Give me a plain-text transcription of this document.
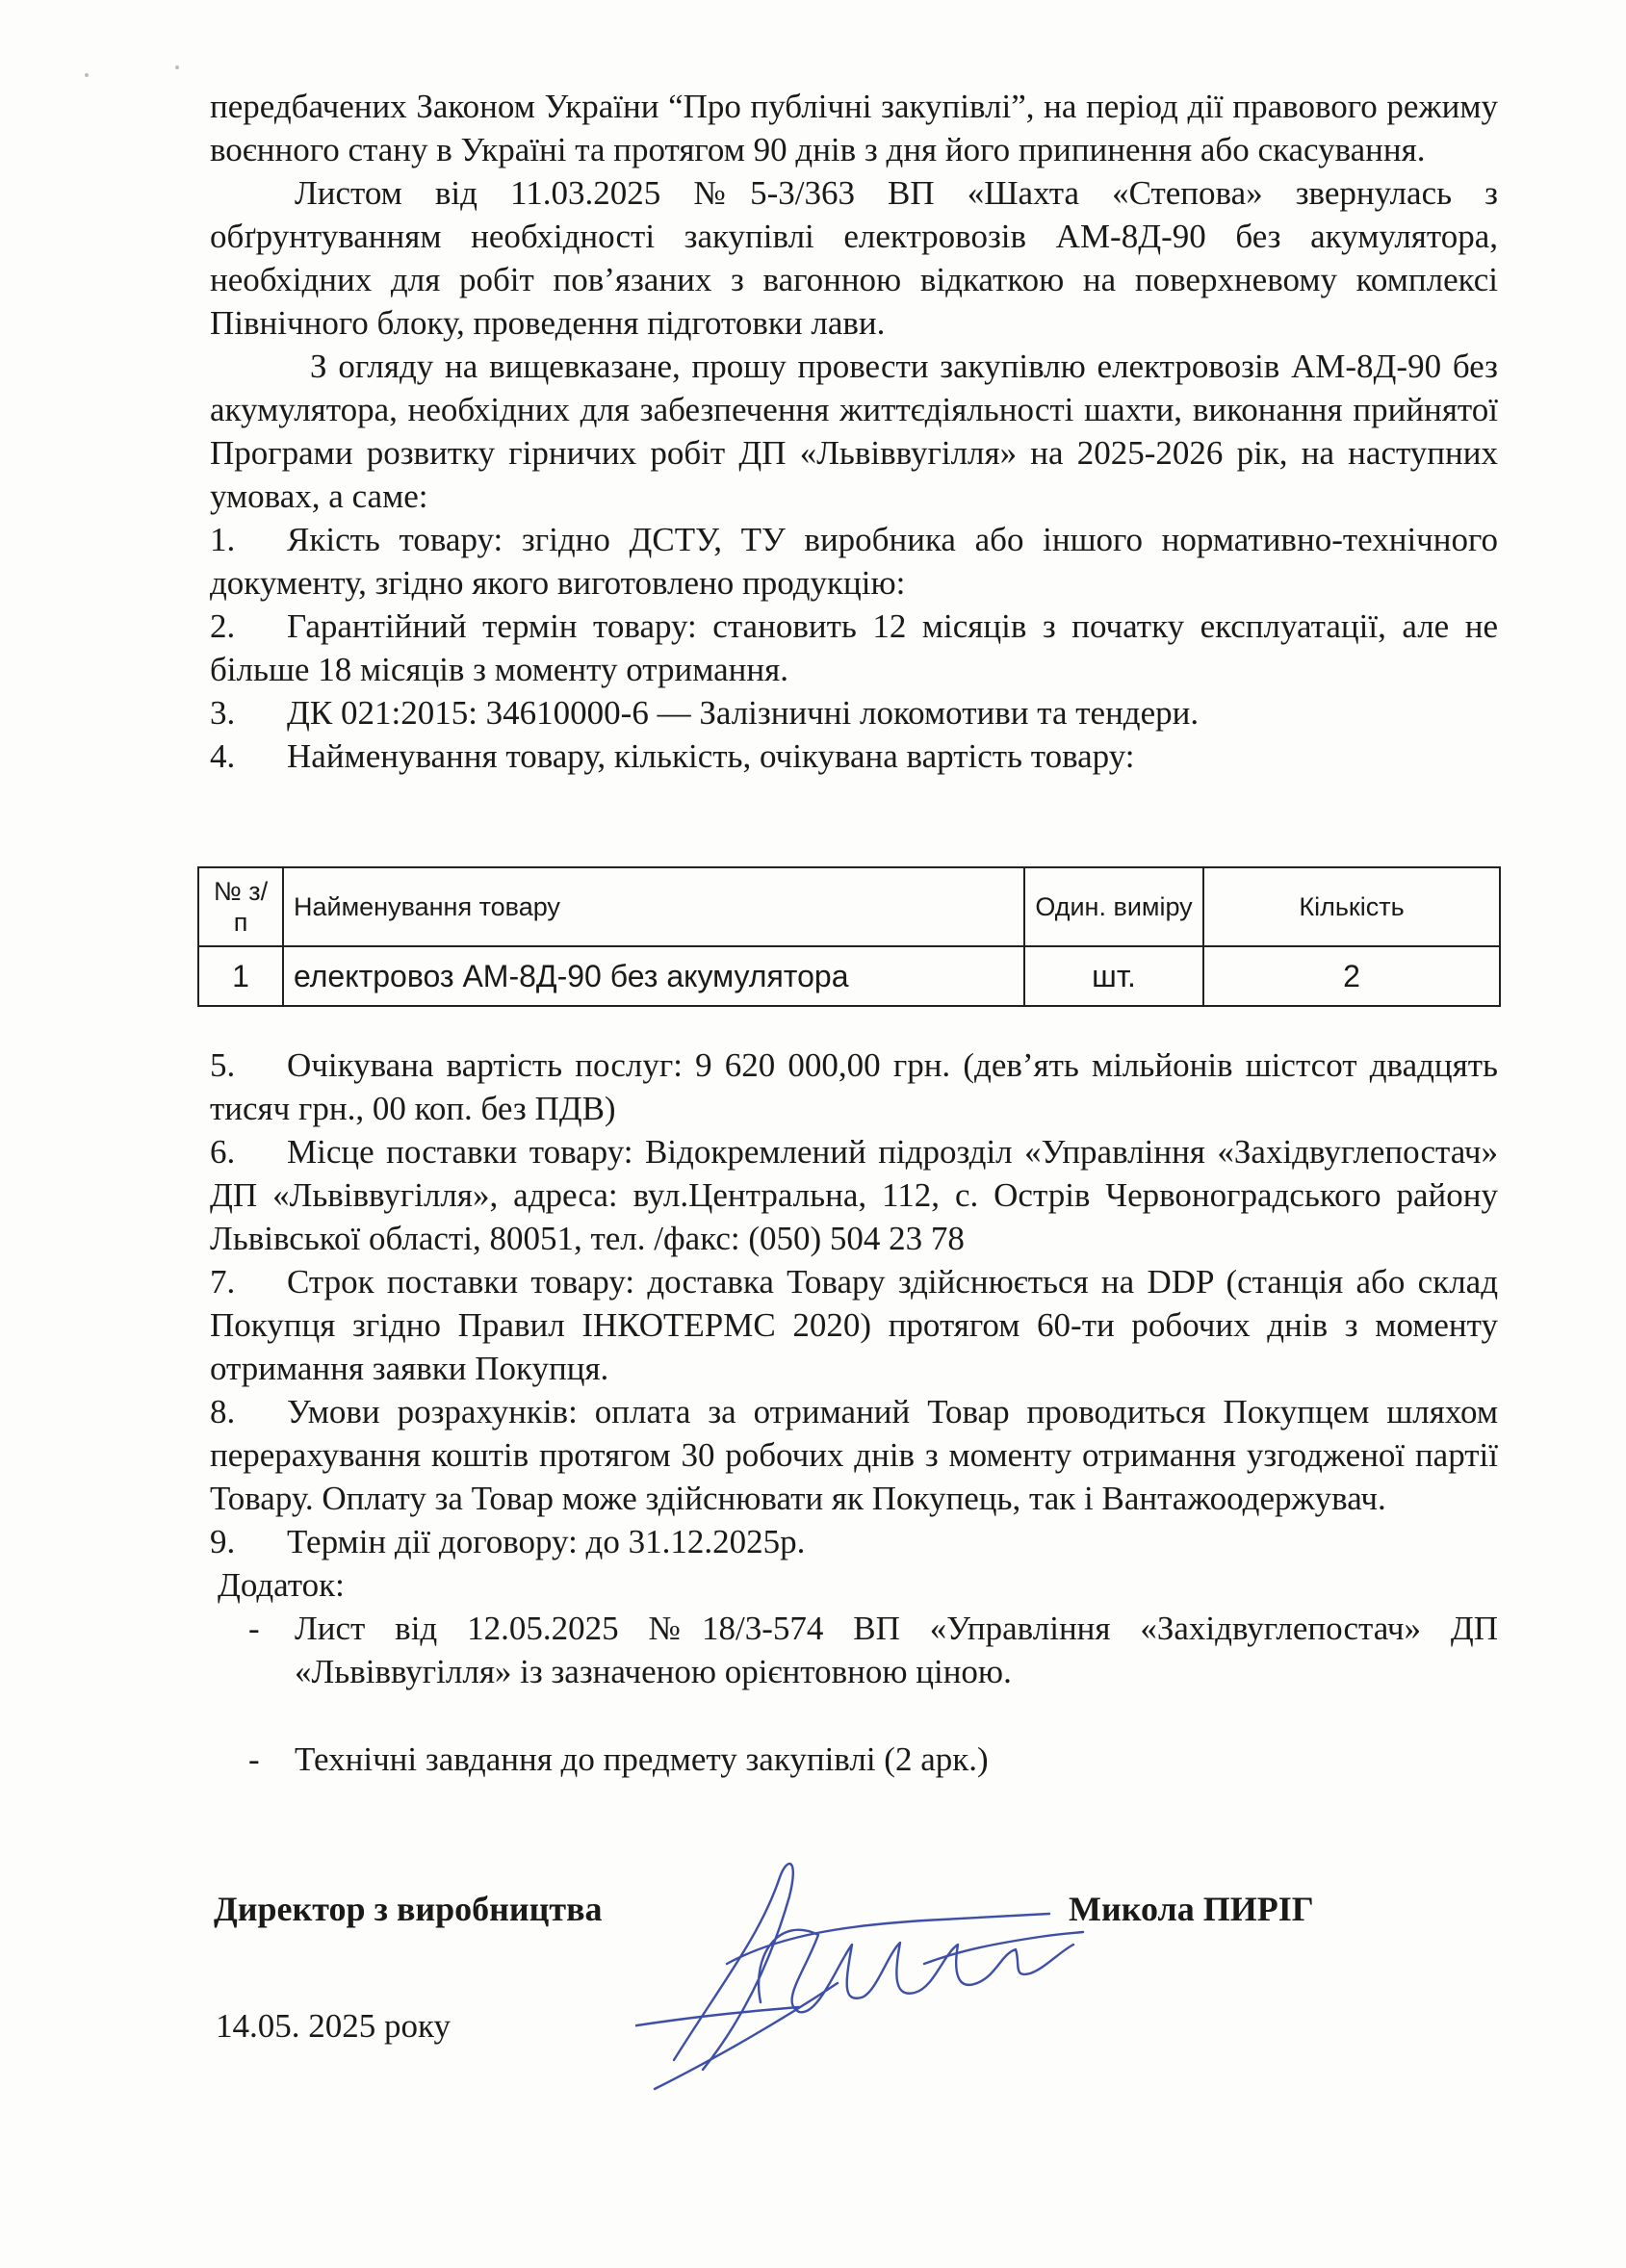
передбачених Законом України “Про публічні закупівлі”, на період дії правового режиму воєнного стану в Україні та протягом 90 днів з дня його припинення або скасування.

Листом від 11.03.2025 №5-3/363 ВП «Шахта «Степова» звернулась з обґрунтуванням необхідності закупівлі електровозів АМ-8Д-90 без акумулятора, необхідних для робіт пов’язаних з вагонною відкаткою на поверхневому комплексі Північного блоку, проведення підготовки лави.

З огляду на вищевказане, прошу провести закупівлю електровозів АМ-8Д-90 без акумулятора, необхідних для забезпечення життєдіяльності шахти, виконання прийнятої Програми розвитку гірничих робіт ДП «Львіввугілля» на 2025-2026 рік, на наступних умовах, а саме:

1. Якість товару: згідно ДСТУ, ТУ виробника або іншого нормативно-технічного документу, згідно якого виготовлено продукцію:

2. Гарантійний термін товару: становить 12 місяців з початку експлуатації, але не більше 18 місяців з моменту отримання.

3. ДК 021:2015: 34610000-6 — Залізничні локомотиви та тендери.

4. Найменування товару, кількість, очікувана вартість товару:

№ з/п	Найменування товару	Один. виміру	Кількість
1	електровоз АМ-8Д-90 без акумулятора	шт.	2

5. Очікувана вартість послуг: 9 620 000,00 грн. (дев’ять мільйонів шістсот двадцять тисяч грн., 00 коп. без ПДВ)

6. Місце поставки товару: Відокремлений підрозділ «Управління «Західвуглепостач» ДП «Львіввугілля», адреса: вул.Центральна, 112, с. Острів Червоноградського району Львівської області, 80051, тел. /факс: (050) 504 23 78

7. Строк поставки товару: доставка Товару здійснюється на DDP (станція або склад Покупця згідно Правил ІНКОТЕРМС 2020) протягом 60-ти робочих днів з моменту отримання заявки Покупця.

8. Умови розрахунків: оплата за отриманий Товар проводиться Покупцем шляхом перерахування коштів протягом 30 робочих днів з моменту отримання узгодженої партії Товару. Оплату за Товар може здійснювати як Покупець, так і Вантажоодержувач.

9. Термін дії договору: до 31.12.2025р.

Додаток:

-	Лист від 12.05.2025 №18/3-574 ВП «Управління «Західвуглепостач» ДП «Львіввугілля» із зазначеною орієнтовною ціною.
-	Технічні завдання до предмету закупівлі (2 арк.)
Директор з виробництва	Микола ПИРІГ
14.05. 2025 року
